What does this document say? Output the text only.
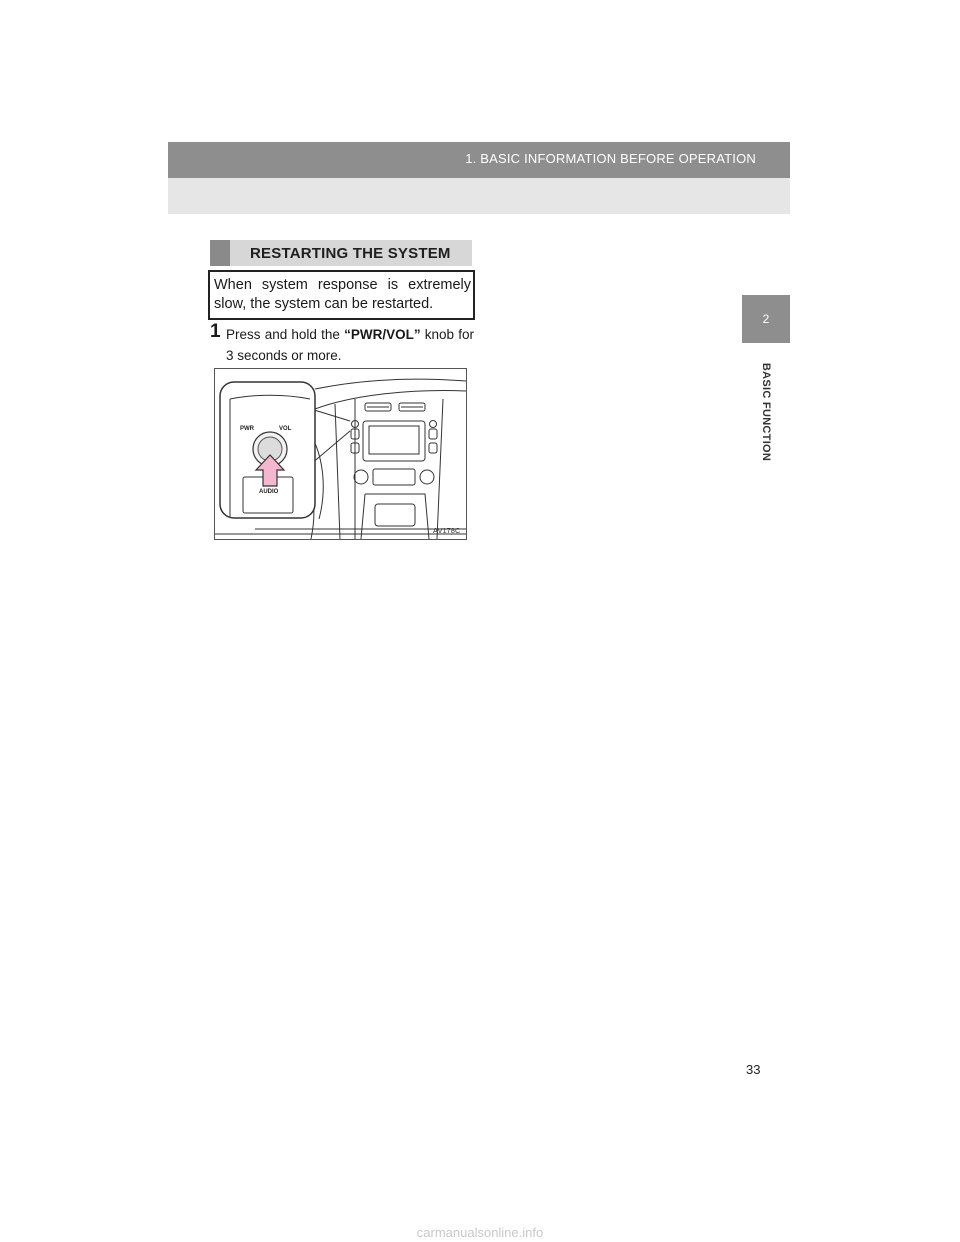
1. BASIC INFORMATION BEFORE OPERATION
2
BASIC FUNCTION
RESTARTING THE SYSTEM
When system response is extremely slow, the system can be restarted.
1 Press and hold the “PWR/VOL” knob for 3 seconds or more.
PWR	VOL
AUDIO
AV178C
33
carmanualsonline.info
